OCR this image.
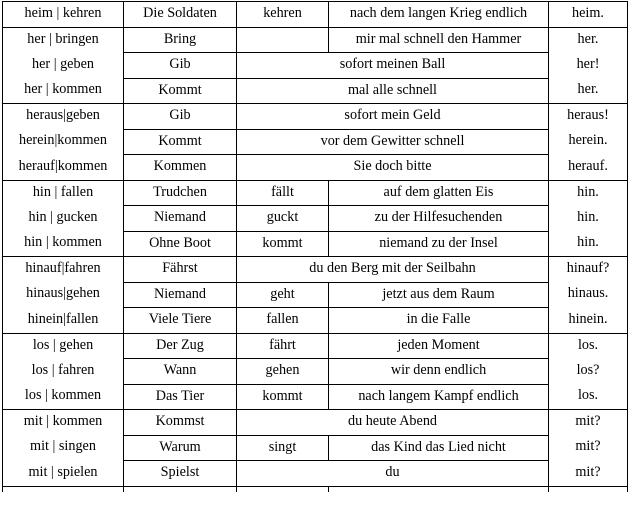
heim | kehren	Die Soldaten	kehren	nach dem langen Krieg endlich	heim.
her | bringen	Bring		mir mal schnell den Hammer	her.
her | geben	Gib	sofort meinen Ball		her!
her | kommen	Kommt	mal alle schnell		her.
heraus|geben	Gib	sofort mein Geld		heraus!
herein|kommen	Kommt	vor dem Gewitter schnell		herein.
herauf|kommen	Kommen	Sie doch bitte		herauf.
hin | fallen	Trudchen	fällt	auf dem glatten Eis	hin.
hin | gucken	Niemand	guckt	zu der Hilfesuchenden	hin.
hin | kommen	Ohne Boot	kommt	niemand zu der Insel	hin.
hinauf|fahren	Fährst	du den Berg mit der Seilbahn		hinauf?
hinaus|gehen	Niemand	geht	jetzt aus dem Raum	hinaus.
hinein|fallen	Viele Tiere	fallen	in die Falle	hinein.
los | gehen	Der Zug	fährt	jeden Moment	los.
los | fahren	Wann	gehen	wir denn endlich	los?
los | kommen	Das Tier	kommt	nach langem Kampf endlich	los.
mit | kommen	Kommst	du heute Abend		mit?
mit | singen	Warum	singt	das Kind das Lied nicht	mit?
mit | spielen	Spielst	du		mit?
